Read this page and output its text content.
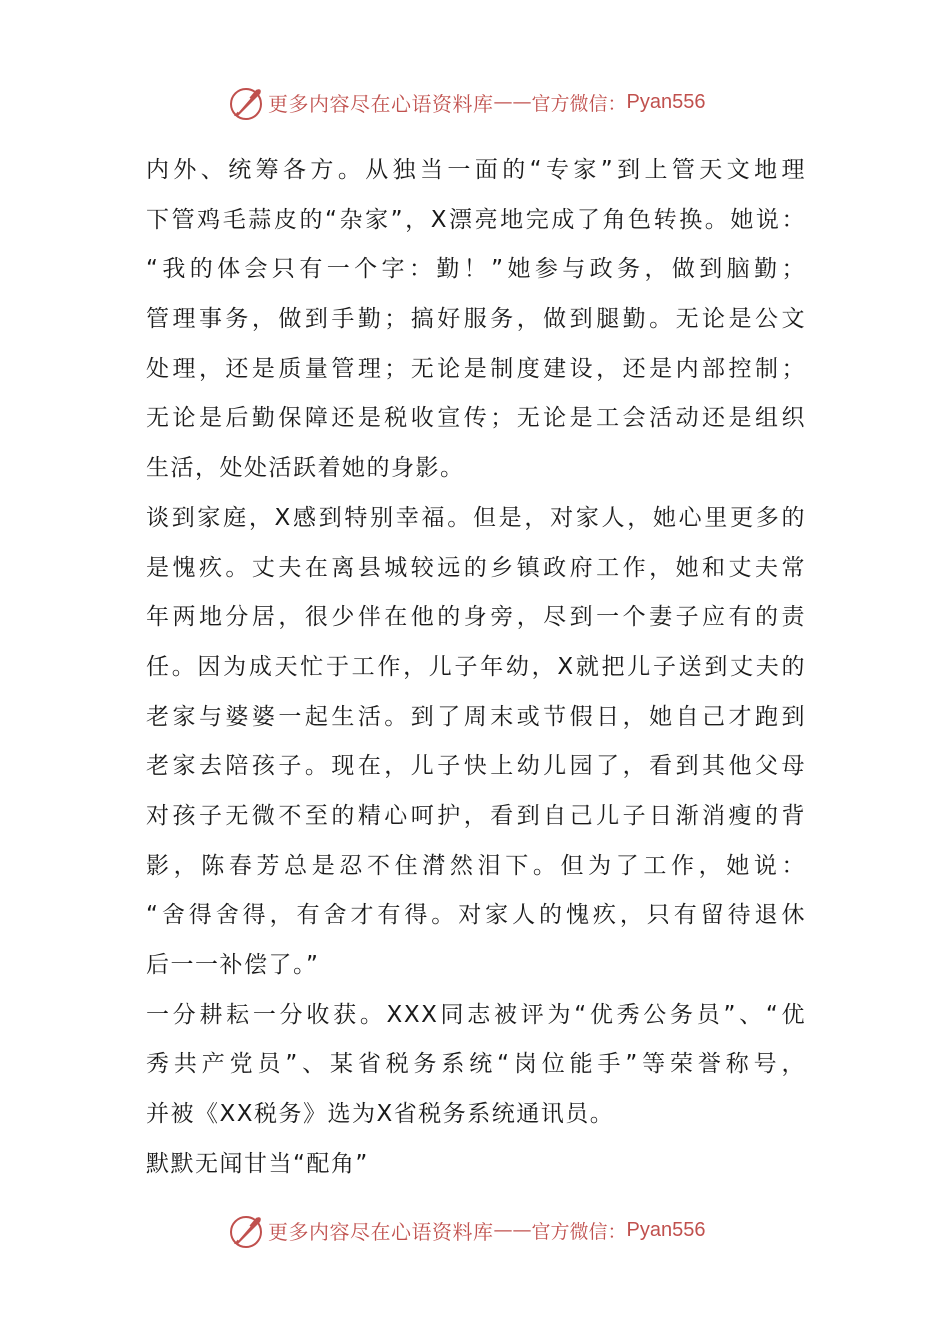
更多内容尽在心语资料库 —— 官方微信： Pyan556
内外、统筹各方。从独当一面的“专家”到上管天文地理
下管鸡毛蒜皮的“杂家”，X漂亮地完成了角色转换。她说：
“我的体会只有一个字：勤！”她参与政务，做到脑勤；
管理事务，做到手勤；搞好服务，做到腿勤。无论是公文
处理，还是质量管理；无论是制度建设，还是内部控制；
无论是后勤保障还是税收宣传；无论是工会活动还是组织
生活，处处活跃着她的身影。
谈到家庭，X感到特别幸福。但是，对家人，她心里更多的
是愧疚。丈夫在离县城较远的乡镇政府工作，她和丈夫常
年两地分居，很少伴在他的身旁，尽到一个妻子应有的责
任。因为成天忙于工作，儿子年幼，X就把儿子送到丈夫的
老家与婆婆一起生活。到了周末或节假日，她自己才跑到
老家去陪孩子。现在，儿子快上幼儿园了，看到其他父母
对孩子无微不至的精心呵护，看到自己儿子日渐消瘦的背
影，陈春芳总是忍不住潸然泪下。但为了工作，她说：
“舍得舍得，有舍才有得。对家人的愧疚，只有留待退休
后一一补偿了。”
一分耕耘一分收获。XXX同志被评为“优秀公务员”、“优
秀共产党员”、某省税务系统“岗位能手”等荣誉称号，
并被《XX税务》选为X省税务系统通讯员。
默默无闻甘当“配角”
更多内容尽在心语资料库 —— 官方微信： Pyan556
